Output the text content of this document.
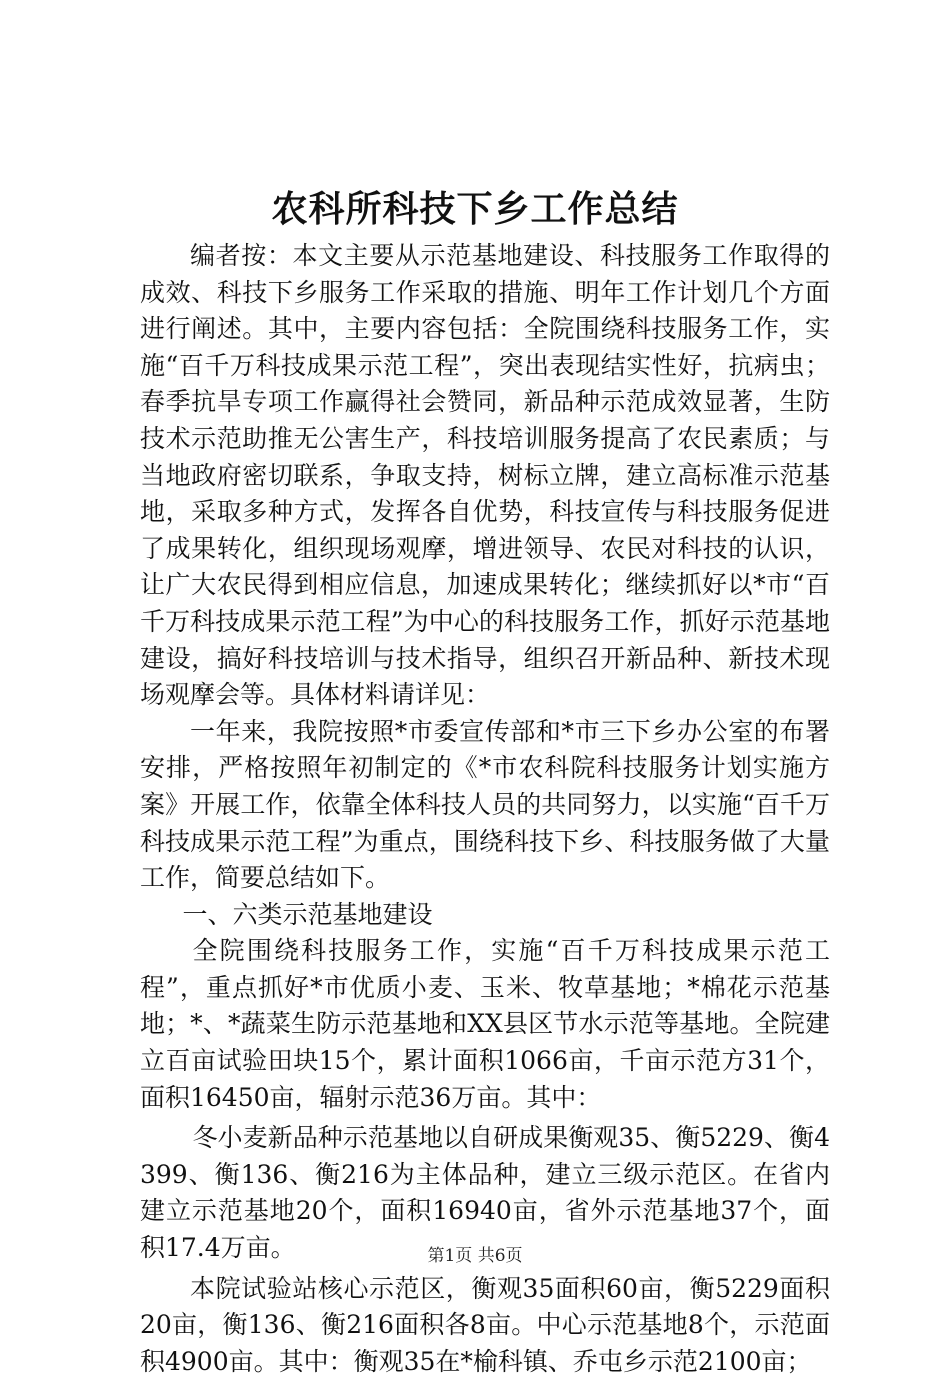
农科所科技下乡工作总结

编者按：本文主要从示范基地建设、科技服务工作取得的成效、科技下乡服务工作采取的措施、明年工作计划几个方面进行阐述。其中，主要内容包括：全院围绕科技服务工作，实施“百千万科技成果示范工程”，突出表现结实性好，抗病虫；春季抗旱专项工作赢得社会赞同，新品种示范成效显著，生防技术示范助推无公害生产，科技培训服务提高了农民素质；与当地政府密切联系，争取支持，树标立牌，建立高标准示范基地，采取多种方式，发挥各自优势，科技宣传与科技服务促进了成果转化，组织现场观摩，增进领导、农民对科技的认识，让广大农民得到相应信息，加速成果转化；继续抓好以*市“百千万科技成果示范工程”为中心的科技服务工作，抓好示范基地建设，搞好科技培训与技术指导，组织召开新品种、新技术现场观摩会等。具体材料请详见：

一年来，我院按照*市委宣传部和*市三下乡办公室的布署安排，严格按照年初制定的《*市农科院科技服务计划实施方案》开展工作，依靠全体科技人员的共同努力，以实施“百千万科技成果示范工程”为重点，围绕科技下乡、科技服务做了大量工作，简要总结如下。

一、六类示范基地建设

全院围绕科技服务工作，实施“百千万科技成果示范工程”，重点抓好*市优质小麦、玉米、牧草基地；*棉花示范基地；*、*蔬菜生防示范基地和XX县区节水示范等基地。全院建立百亩试验田块15个，累计面积1066亩，千亩示范方31个，面积16450亩，辐射示范36万亩。其中：

冬小麦新品种示范基地以自研成果衡观35、衡5229、衡4399、衡136、衡216为主体品种，建立三级示范区。在省内建立示范基地20个，面积16940亩，省外示范基地37个，面积17.4万亩。

本院试验站核心示范区，衡观35面积60亩，衡5229面积20亩，衡136、衡216面积各8亩。中心示范基地8个，示范面积4900亩。其中：衡观35在*榆科镇、乔屯乡示范2100亩；

第1页 共6页
